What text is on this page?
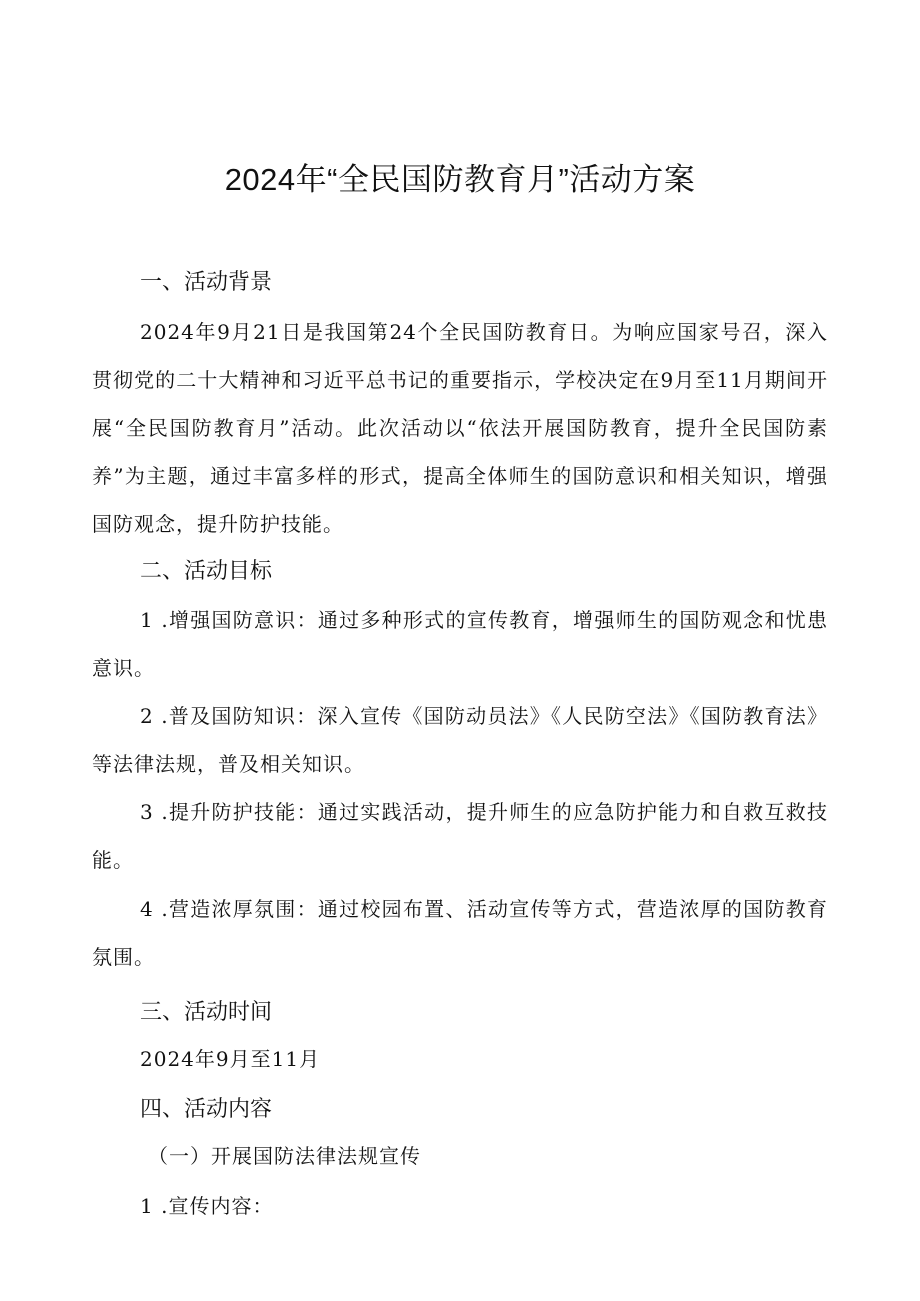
2024年“全民国防教育月”活动方案
一、活动背景

2024年9月21日是我国第24个全民国防教育日。为响应国家号召，深入贯彻党的二十大精神和习近平总书记的重要指示，学校决定在9月至11月期间开展“全民国防教育月”活动。此次活动以“依法开展国防教育，提升全民国防素养”为主题，通过丰富多样的形式，提高全体师生的国防意识和相关知识，增强国防观念，提升防护技能。

二、活动目标

1 .增强国防意识：通过多种形式的宣传教育，增强师生的国防观念和忧患意识。

2 .普及国防知识：深入宣传《国防动员法》《人民防空法》《国防教育法》等法律法规，普及相关知识。

3 .提升防护技能：通过实践活动，提升师生的应急防护能力和自救互救技能。

4 .营造浓厚氛围：通过校园布置、活动宣传等方式，营造浓厚的国防教育氛围。

三、活动时间
2024年9月至11月
四、活动内容
（一）开展国防法律法规宣传
1 .宣传内容：
